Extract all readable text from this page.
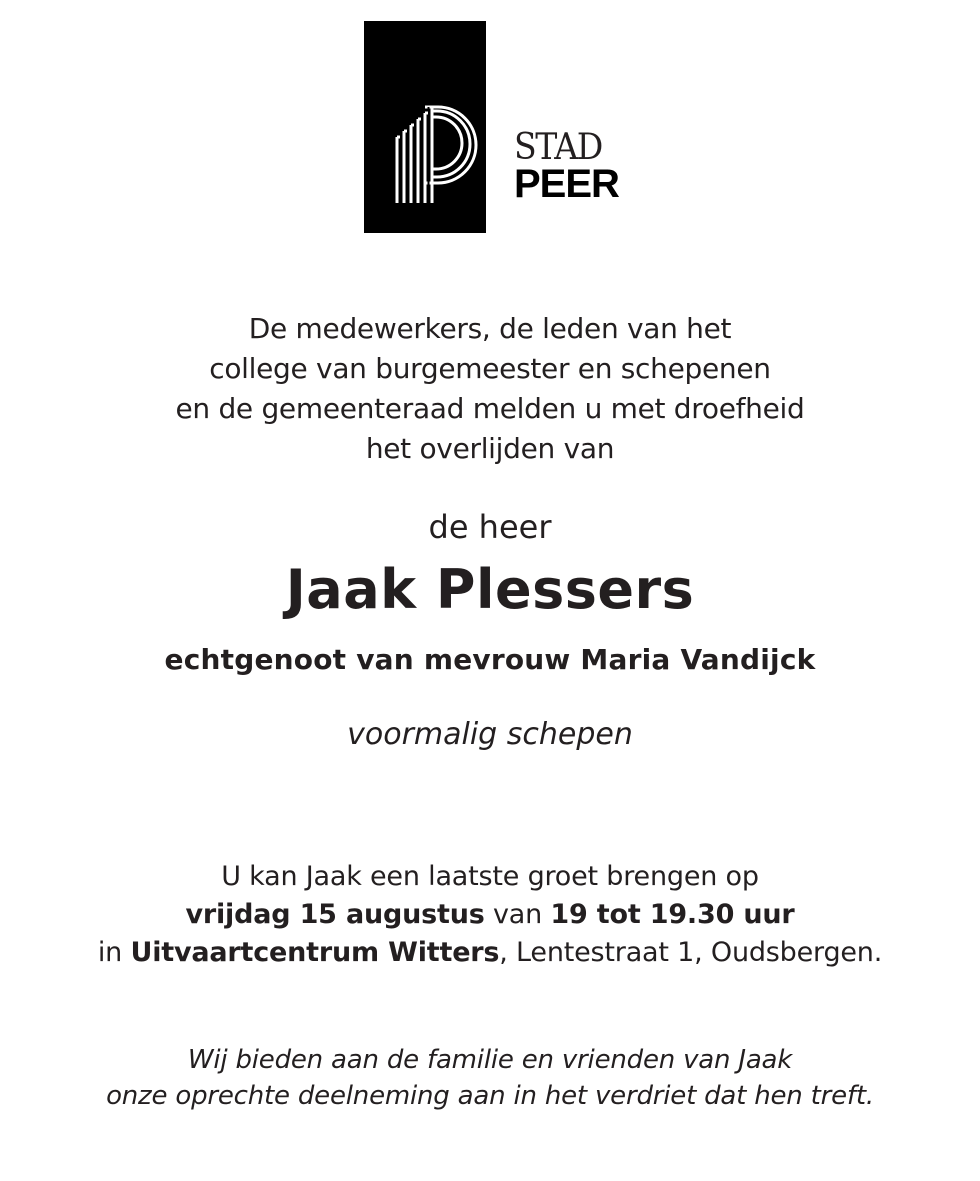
STAD
PEER
De medewerkers, de leden van het
college van burgemeester en schepenen
en de gemeenteraad melden u met droefheid
het overlijden van
de heer
Jaak Plessers
echtgenoot van mevrouw Maria Vandijck
voormalig schepen
U kan Jaak een laatste groet brengen op
vrijdag 15 augustus van 19 tot 19.30 uur
in Uitvaartcentrum Witters, Lentestraat 1, Oudsbergen.
Wij bieden aan de familie en vrienden van Jaak
onze oprechte deelneming aan in het verdriet dat hen treft.
